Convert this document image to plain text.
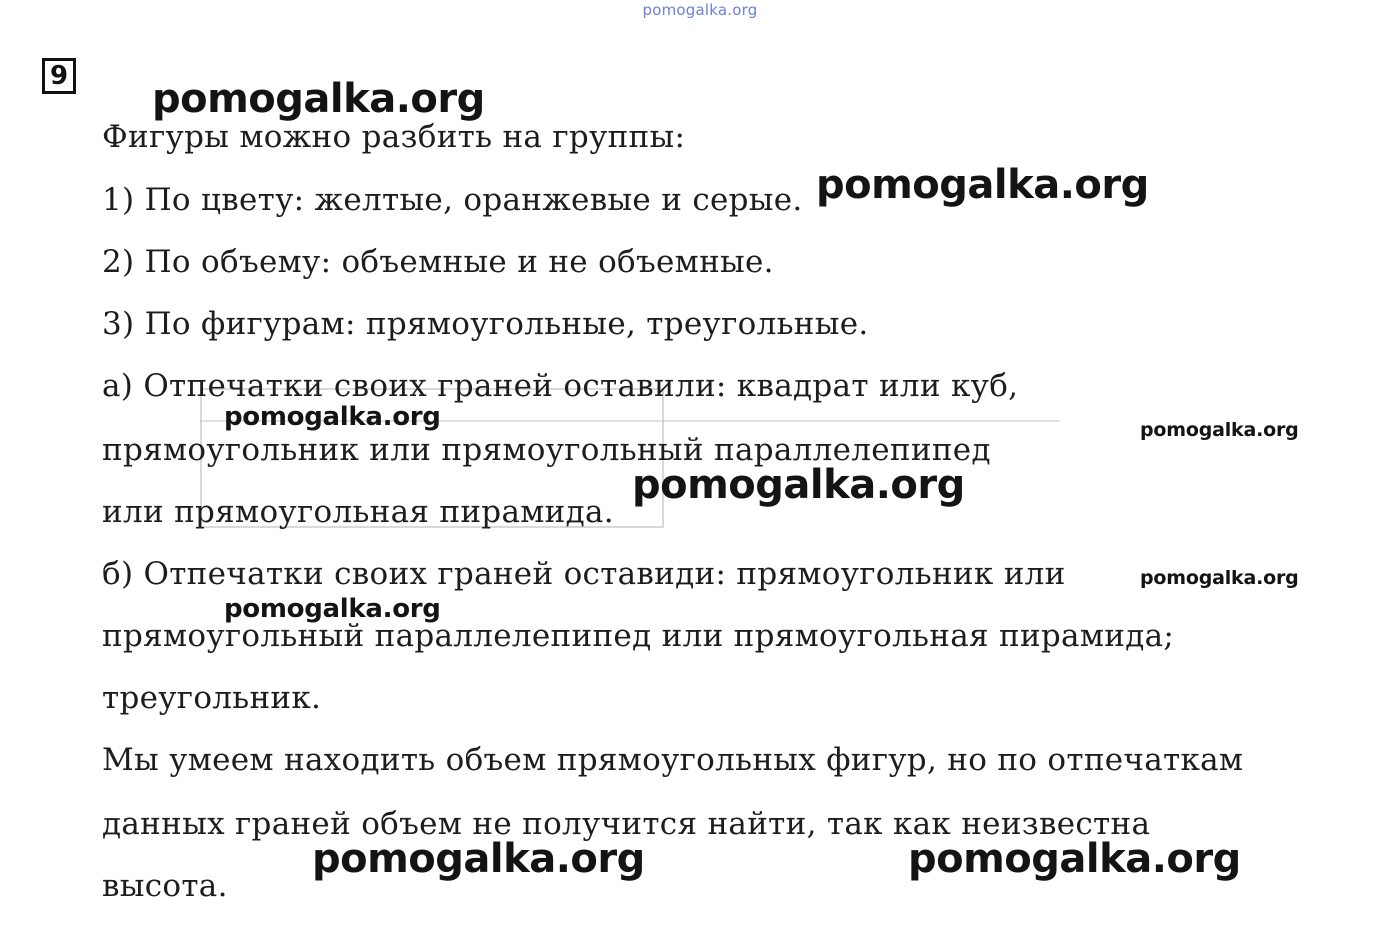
pomogalka.org
9
Фигуры можно разбить на группы:
1) По цвету: желтые, оранжевые и серые.
2) По объему: объемные и не объемные.
3) По фигурам: прямоугольные, треугольные.
а) Отпечатки своих граней оставили: квадрат или куб,
прямоугольник или прямоугольный параллелепипед
или прямоугольная пирамида.
б) Отпечатки своих граней оставиди: прямоугольник или
прямоугольный параллелепипед или прямоугольная пирамида;
треугольник.
Мы умеем находить объем прямоугольных фигур, но по отпечаткам
данных граней объем не получится найти, так как неизвестна
высота.
pomogalka.org
pomogalka.org
pomogalka.org	pomogalka.org
pomogalka.org
pomogalka.org
pomogalka.org
pomogalka.org	pomogalka.org
